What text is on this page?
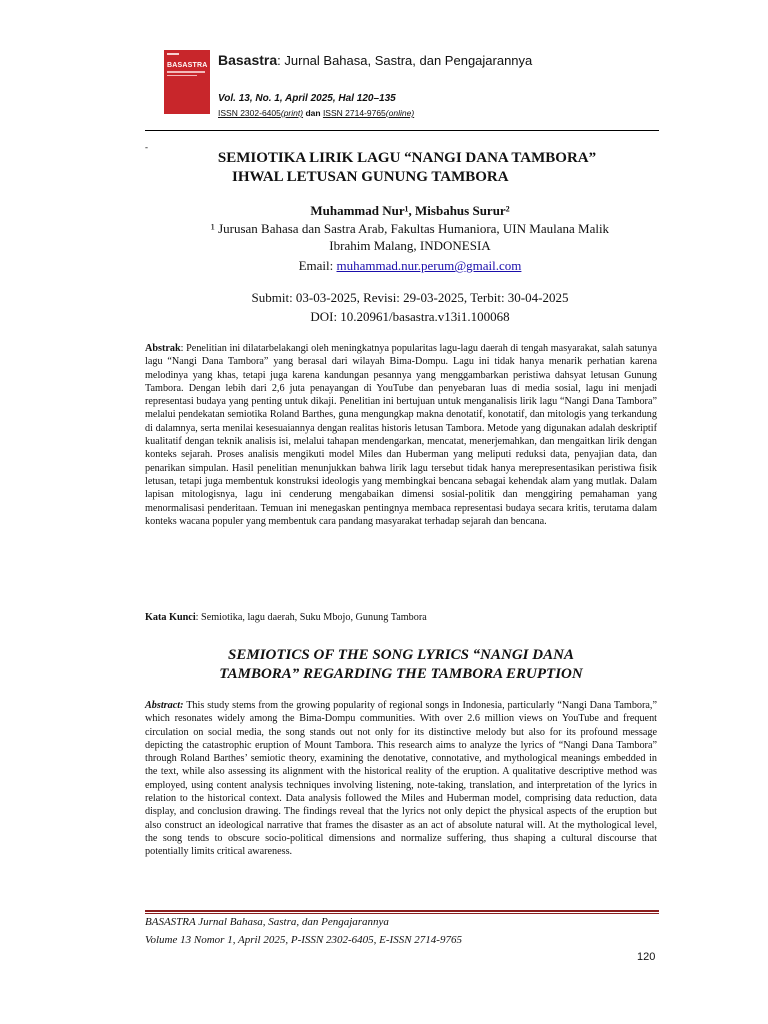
BASASTRA Basastra: Jurnal Bahasa, Sastra, dan Pengajarannya
Vol. 13, No. 1, April 2025, Hal 120–135
ISSN 2302-6405(print) dan ISSN 2714-9765(online)
-
SEMIOTIKA LIRIK LAGU “NANGI DANA TAMBORA”
IHWAL LETUSAN GUNUNG TAMBORA
Muhammad Nur¹, Misbahus Surur²
¹ Jurusan Bahasa dan Sastra Arab, Fakultas Humaniora, UIN Maulana Malik
Ibrahim Malang, INDONESIA
Email: muhammad.nur.perum@gmail.com
Submit: 03-03-2025, Revisi: 29-03-2025, Terbit: 30-04-2025
DOI: 10.20961/basastra.v13i1.100068
Abstrak: Penelitian ini dilatarbelakangi oleh meningkatnya popularitas lagu-lagu daerah di tengah masyarakat, salah satunya lagu “Nangi Dana Tambora” yang berasal dari wilayah Bima-Dompu. Lagu ini tidak hanya menarik perhatian karena melodinya yang khas, tetapi juga karena kandungan pesannya yang menggambarkan peristiwa dahsyat letusan Gunung Tambora. Dengan lebih dari 2,6 juta penayangan di YouTube dan penyebaran luas di media sosial, lagu ini menjadi representasi budaya yang penting untuk dikaji. Penelitian ini bertujuan untuk menganalisis lirik lagu “Nangi Dana Tambora” melalui pendekatan semiotika Roland Barthes, guna mengungkap makna denotatif, konotatif, dan mitologis yang terkandung di dalamnya, serta menilai kesesuaiannya dengan realitas historis letusan Tambora. Metode yang digunakan adalah deskriptif kualitatif dengan teknik analisis isi, melalui tahapan mendengarkan, mencatat, menerjemahkan, dan mengaitkan lirik dengan konteks sejarah. Proses analisis mengikuti model Miles dan Huberman yang meliputi reduksi data, penyajian data, dan penarikan simpulan. Hasil penelitian menunjukkan bahwa lirik lagu tersebut tidak hanya merepresentasikan peristiwa fisik letusan, tetapi juga membentuk konstruksi ideologis yang membingkai bencana sebagai kehendak alam yang mutlak. Dalam lapisan mitologisnya, lagu ini cenderung mengabaikan dimensi sosial-politik dan menggiring pemahaman yang menormalisasi penderitaan. Temuan ini menegaskan pentingnya membaca representasi budaya secara kritis, terutama dalam konteks wacana populer yang membentuk cara pandang masyarakat terhadap sejarah dan bencana.
Kata Kunci: Semiotika, lagu daerah, Suku Mbojo, Gunung Tambora
SEMIOTICS OF THE SONG LYRICS “NANGI DANA
TAMBORA” REGARDING THE TAMBORA ERUPTION
Abstract: This study stems from the growing popularity of regional songs in Indonesia, particularly “Nangi Dana Tambora,” which resonates widely among the Bima-Dompu communities. With over 2.6 million views on YouTube and frequent circulation on social media, the song stands out not only for its distinctive melody but also for its profound message depicting the catastrophic eruption of Mount Tambora. This research aims to analyze the lyrics of “Nangi Dana Tambora” through Roland Barthes’ semiotic theory, examining the denotative, connotative, and mythological meanings embedded in the text, while also assessing its alignment with the historical reality of the eruption. A qualitative descriptive method was employed, using content analysis techniques involving listening, note-taking, translation, and interpretation of the lyrics in relation to the historical context. Data analysis followed the Miles and Huberman model, comprising data reduction, data display, and conclusion drawing. The findings reveal that the lyrics not only depict the physical aspects of the eruption but also construct an ideological narrative that frames the disaster as an act of absolute natural will. At the mythological level, the song tends to obscure socio-political dimensions and normalize suffering, thus shaping a cultural discourse that potentially limits critical awareness.
BASASTRA Jurnal Bahasa, Sastra, dan Pengajarannya
Volume 13 Nomor 1, April 2025, P-ISSN 2302-6405, E-ISSN 2714-9765
120
